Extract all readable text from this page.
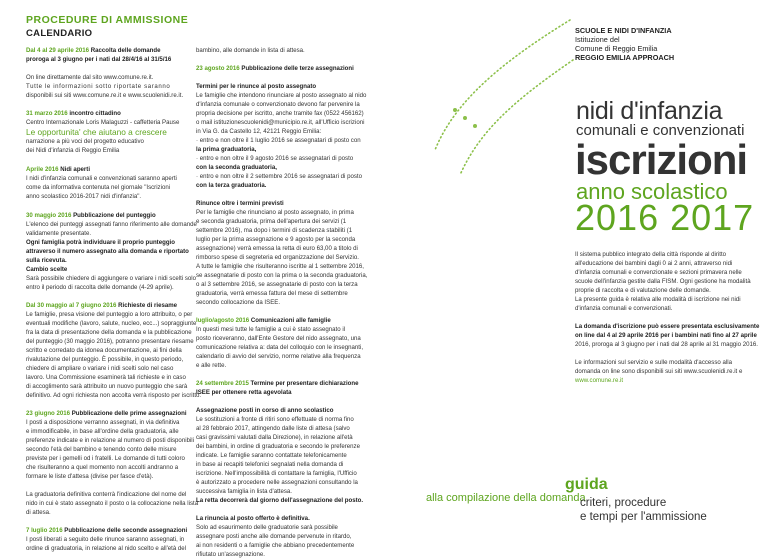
PROCEDURE DI AMMISSIONE
CALENDARIO
Dal 4 al 29 aprile 2016 Raccolta delle domande
proroga al 3 giugno per i nati dal 28/4/16 al 31/5/16
On line direttamente dal sito www.comune.re.it.
Tutte le informazioni sotto riportate saranno
disponibili sui siti www.comune.re.it e www.scuolenidi.re.it.
31 marzo 2016 incontro cittadino
Centro Internazionale Loris Malaguzzi - caffetteria Pause
Le opportunita' che aiutano a crescere
narrazione a più voci del progetto educativo
dei Nidi d'infanzia di Reggio Emilia
Aprile 2016 Nidi aperti
I nidi d'infanzia comunali e convenzionati saranno aperti
come da informativa contenuta nel giornale "Iscrizioni
anno scolastico 2016-2017 nidi d'infanzia".
30 maggio 2016 Pubblicazione del punteggio
L'elenco dei punteggi assegnati fanno riferimento alle domande
validamente presentate.
Ogni famiglia potrà individuare il proprio punteggio
attraverso il numero assegnato alla domanda e riportato
sulla ricevuta.
Cambio scelte
Sarà possibile chiedere di aggiungere o variare i nidi scelti solo
entro il periodo di raccolta delle domande (4-29 aprile).
Dal 30 maggio al 7 giugno 2016 Richieste di riesame
Le famiglie, presa visione del punteggio a loro attribuito, o per
eventuali modifiche (lavoro, salute, nucleo, ecc...) sopraggiunte
fra la data di presentazione della domanda e la pubblicazione
del punteggio (30 maggio 2016), potranno presentare riesame
scritto e corredato da idonea documentazione, ai fini della
rivalutazione del punteggio. È possibile, in questo periodo,
chiedere di ampliare o variare i nidi scelti solo nel caso
lavoro. Una Commissione esaminerà tali richieste e in caso
di accoglimento sarà attribuito un nuovo punteggio che sarà
definitivo. Ad ogni richiesta non accolta verrà risposto per iscritto.
23 giugno 2016 Pubblicazione delle prime assegnazioni
I posti a disposizione verranno assegnati, in via definitiva
e immodificabile, in base all'ordine della graduatoria, alle
preferenze indicate e in relazione al numero di posti disponibili
secondo l'età del bambino e tenendo conto delle misure
previste per i gemelli od i fratelli. Le domande di tutti coloro
che risulteranno a quel momento non accolti andranno a
formare le liste d'attesa (divise per fasce d'età).
La graduatoria definitiva conterrà l'indicazione del nome del
nido in cui è stato assegnato il posto o la collocazione nella lista
di attesa.
7 luglio 2016 Pubblicazione delle seconde assegnazioni
I posti liberati a seguito delle rinunce saranno assegnati, in
ordine di graduatoria, in relazione al nido scelto e all'età del
bambino, alle domande in lista di attesa.
23 agosto 2016 Pubblicazione delle terze assegnazioni
Termini per le rinunce al posto assegnato
Le famiglie che intendono rinunciare al posto assegnato al nido
d'infanzia comunale o convenzionato devono far pervenire la
propria decisione per iscritto, anche tramite fax (0522 456162)
o mail istituzionescuolenidi@municipio.re.it, all'Ufficio iscrizioni
in Via G. da Castello 12, 42121 Reggio Emilia:
· entro e non oltre il 1 luglio 2016 se assegnatari di posto con
la prima graduatoria,
· entro e non oltre il 9 agosto 2016 se assegnatari di posto
con la seconda graduatoria,
· entro e non oltre il 2 settembre 2016 se assegnatari di posto
con la terza graduatoria.
Rinunce oltre i termini previsti
Per le famiglie che rinunciano al posto assegnato, in prima
e seconda graduatoria, prima dell'apertura dei servizi (1
settembre 2016), ma dopo i termini di scadenza stabiliti (1
luglio per la prima assegnazione e 9 agosto per la seconda
assegnazione) verrà emessa la retta di euro 63,00 a titolo di
rimborso spese di segreteria ed organizzazione del Servizio.
A tutte le famiglie che risulteranno iscritte al 1 settembre 2016,
se assegnatarie di posto con la prima o la seconda graduatoria,
o al 3 settembre 2016, se assegnatarie di posto con la terza
graduatoria, verrà emessa fattura del mese di settembre
secondo collocazione da ISEE.
luglio/agosto 2016 Comunicazioni alle famiglie
In questi mesi tutte le famiglie a cui è stato assegnato il
posto riceveranno, dall'Ente Gestore del nido assegnato, una
comunicazione relativa a: data del colloquio con le insegnanti,
calendario di avvio del servizio, norme relative alla frequenza
e alle rette.
24 settembre 2015 Termine per presentare dichiarazione
ISEE per ottenere retta agevolata
Assegnazione posti in corso di anno scolastico
Le sostituzioni a fronte di ritiri sono effettuate di norma fino
al 28 febbraio 2017, attingendo dalle liste di attesa (salvo
casi gravissimi valutati dalla Direzione), in relazione all'età
dei bambini, in ordine di graduatoria e secondo le preferenze
indicate. Le famiglie saranno contattate telefonicamente
in base ai recapiti telefonici segnalati nella domanda di
iscrizione. Nell'impossibilità di contattare la famiglia, l'Ufficio
è autorizzato a procedere nelle assegnazioni consultando la
successiva famiglia in lista d'attesa.
La retta decorrerà dal giorno dell'assegnazione del posto.
La rinuncia al posto offerto è definitiva.
Solo ad esaurimento delle graduatorie sarà possibile
assegnare posti anche alle domande pervenute in ritardo,
ai non residenti o a famiglie che abbiano precedentemente
rifiutato un'assegnazione.
SCUOLE E NIDI D'INFANZIA
Istituzione del
Comune di Reggio Emilia
REGGIO EMILIA APPROACH
nidi d'infanzia
comunali e convenzionati
iscrizioni
anno scolastico
2016 2017
Il sistema pubblico integrato della città risponde al diritto
all'educazione dei bambini dagli 0 ai 2 anni, attraverso nidi
d'infanzia comunali e convenzionate e sezioni primavera nelle
scuole dell'infanzia gestite dalla FISM. Ogni gestione ha modalità
proprie di raccolta e di valutazione delle domande.
La presente guida è relativa alle modalità di iscrizione nei nidi
d'infanzia comunali e convenzionati.
La domanda d'iscrizione può essere presentata esclusivamente
on line dal 4 al 29 aprile 2016 per i bambini nati fino al 27 aprile
2016, proroga al 3 giugno per i nati dal 28 aprile al 31 maggio 2016.
Le informazioni sul servizio e sulle modalità d'accesso alla
domanda on line sono disponibili sui siti www.scuolenidi.re.it e
www.comune.re.it
guida
alla compilazione della domanda
criteri, procedure
e tempi per l'ammissione
